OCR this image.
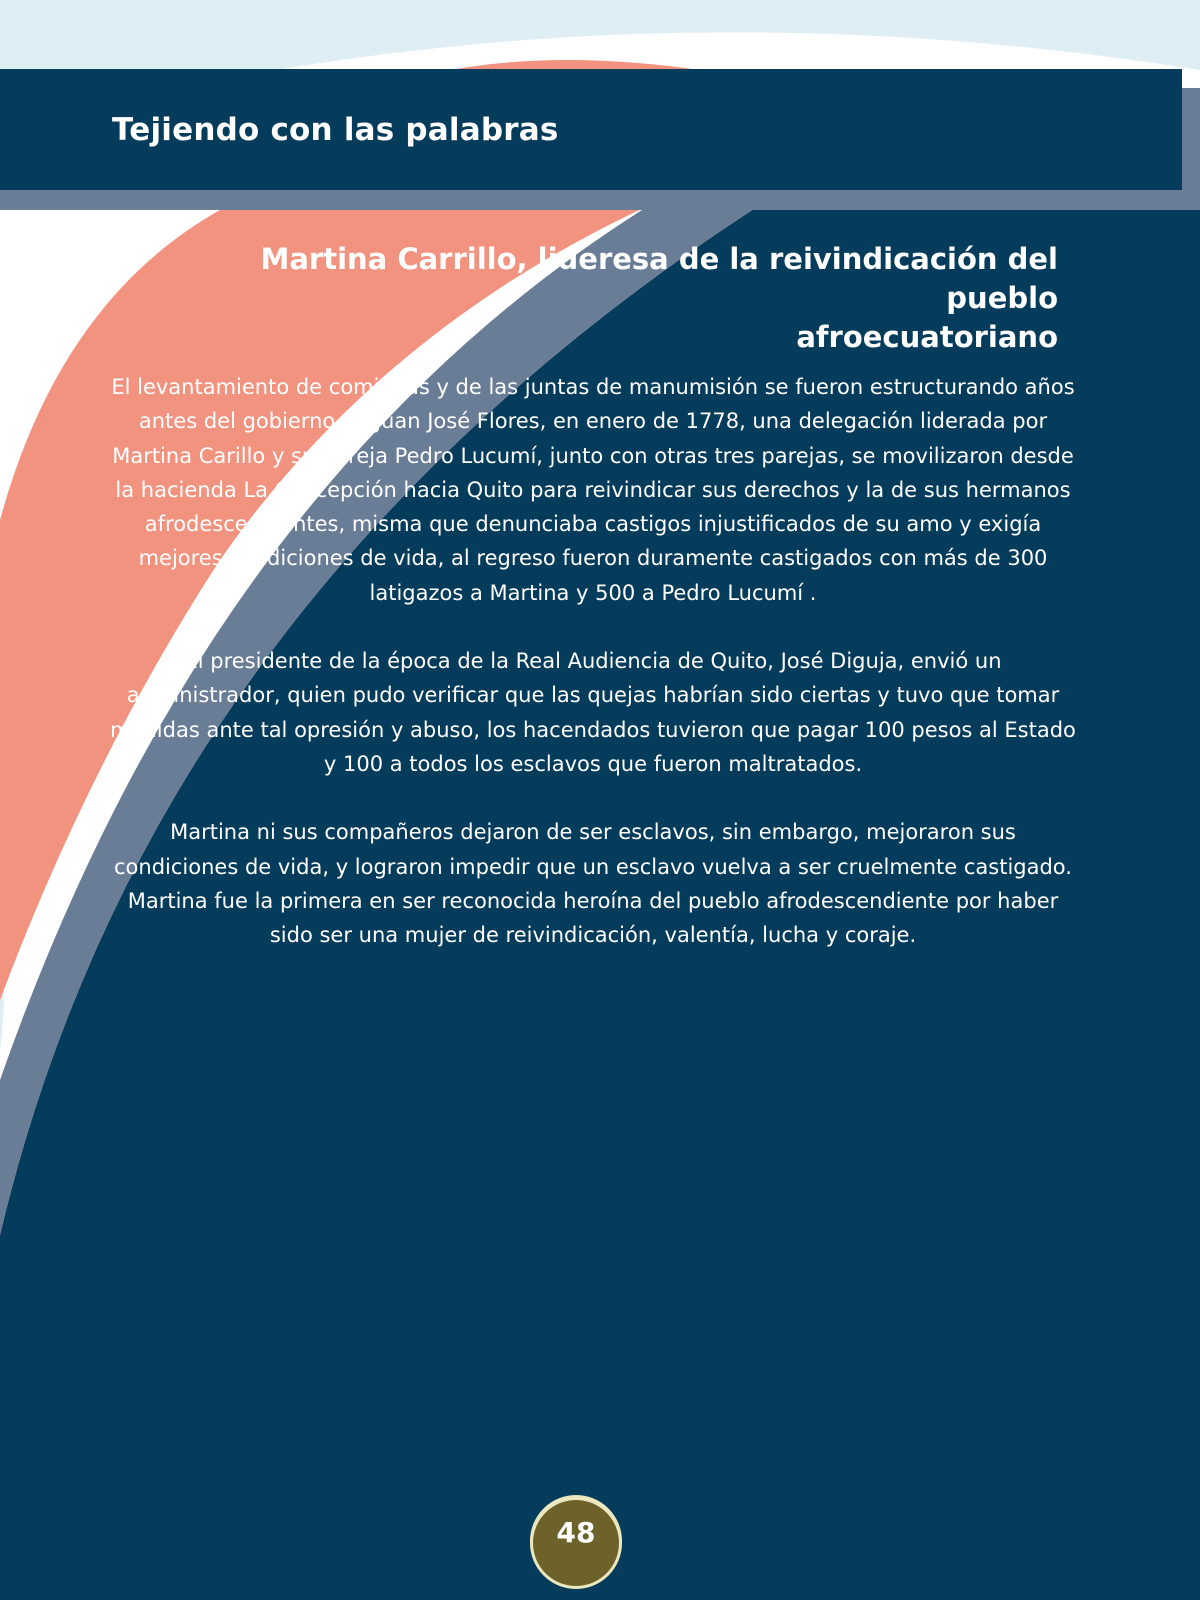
Tejiendo con las palabras
Martina Carrillo, lideresa de la reivindicación del pueblo
afroecuatoriano

El levantamiento de comitivas y de las juntas de manumisión se fueron estructurando años antes del gobierno de Juan José Flores, en enero de 1778, una delegación liderada por Martina Carillo y su pareja Pedro Lucumí, junto con otras tres parejas, se movilizaron desde la hacienda La Concepción hacia Quito para reivindicar sus derechos y la de sus hermanos afrodescendientes, misma que denunciaba castigos injustificados de su amo y exigía mejores condiciones de vida, al regreso fueron duramente castigados con más de 300 latigazos a Martina y 500 a Pedro Lucumí .

El presidente de la época de la Real Audiencia de Quito, José Diguja, envió un administrador, quien pudo verificar que las quejas habrían sido ciertas y tuvo que tomar medidas ante tal opresión y abuso, los hacendados tuvieron que pagar 100 pesos al Estado y 100 a todos los esclavos que fueron maltratados.

Martina ni sus compañeros dejaron de ser esclavos, sin embargo, mejoraron sus condiciones de vida, y lograron impedir que un esclavo vuelva a ser cruelmente castigado.

Martina fue la primera en ser reconocida heroína del pueblo afrodescendiente por haber sido ser una mujer de reivindicación, valentía, lucha y coraje.

48
